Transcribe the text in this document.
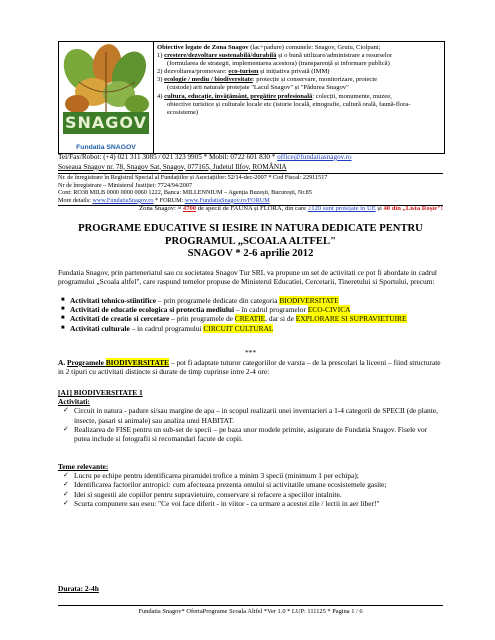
SNAGOV
Fundatia SNAGOV
Obiective legate de Zona Snagov (lac+padure) comunele: Snagov, Gruiu, Ciolpani;
1) crestere/dezvoltare sustenabilă/durabilă și o bună utilizare/administrare a resurselor
(formularea de strategii, implementarea acestora) (transparență și informare publică)
2) dezvoltarea/promovare: eco-turism și inițiativa privată (IMM)
3) ecologie / mediu / biodiversitate: protecție și conservare, monitorizare, proiecte
(custode) arii naturale protejate "Lacul Snagov" și "Pădurea Snagov"
4) cultura, educație, învățământ, pregătire profesională: colecții, monumente, muzee,
obiective turistice și culturale locale etc (istorie locală, etnografie, cultură orală, faună-flora- ecosisteme)
Tel/Fax/Robot: (+4) 021 311 3085 / 021 323 9905 * Mobil: 0722 601 830 * office@fundatiasnagov.ro
Soseaua Snagov nr. 78, Snagov Sat, Snagov, 077165, Judetul Ilfov, ROMÂNIA
Nr. de înregistrare în Registrul Special al Fundațiilor și Asociațiilor: 52/14-dec-2007 * Cod Fiscal: 22911517
Nr de înregistrare – Ministerul Justiției: 7724/94/2007
Cont: RO38 MILB 0000 0000 0060 1222, Banca: MILLENNIUM – Agenția Buzești, București, Nr.85
More details: www.FundatiaSnagov.ro * FORUM: www.FundatiaSnagov.ro/FORUM
Zona Snagov: ≈ 4700 de specii de FAUNA și FLORA, din care ≥120 sunt protejate in UE și 40 din „Lista Roșie"!
PROGRAME EDUCATIVE SI IESIRE IN NATURA DEDICATE PENTRU
PROGRAMUL „SCOALA ALTFEL"
SNAGOV * 2-6 aprilie 2012
Fundatia Snagov, prin parteneriatul sau cu societatea Snagov Tur SRL va propune un set de activitati ce pot fi abordate in cadrul programului „Scoala altfel", care raspund temelor propuse de Ministerul Educatiei, Cercetarii, Tineretului si Sportului, precum:
■ Activitati tehnico-stiintifice – prin programele dedicate din categoria BIODIVERSITATE
■ Activitati de educatie ecologica si protectia mediului – în cadrul programelor ECO-CIVICA
■ Activitati de creatie si cercetare – prin programele de CREATIE, dar si de EXPLORARE SI SUPRAVIETUIRE
■ Activitati culturale – in cadrul programului CIRCUIT CULTURAL
***
A. Programele BIODIVERSITATE – pot fi adaptate tuturor categoriilor de varsta – de la prescolari la liceeni – fiind structurate in 2 tipuri cu activitati distincte si durate de timp cuprinse intre 2-4 ore:
[A1] BIODIVERSITATE 1
Activitati:
✓ Circuit in natura - padure si/sau margine de apa – in scopul realizarii unei inventarieri a 1-4 categorii de SPECII (de plante, insecte, pasari si animale) sau analiza unui HABITAT.
✓ Realizarea de FISE pentru un sub-set de specii – pe baza unor modele primite, asigurate de Fundatia Snagov. Fisele vor putea include si fotografii si recomandari facute de copii.
Teme relevante:
✓ Lucru pe echipe pentru identificarea piramidei trofice a minim 3 specii (minimum 1 per echipa);
✓ Identificarea factorilor antropici: cum afecteaza prezenta omului si activitatile umane ecosistemele gasite;
✓ Idei si sugestii ale copiilor pentru supravietuire, conservare si refacere a speciilor intalnite.
✓ Scurta compunere sau eseu: "Ce voi face diferit - in viitor - ca urmare a acestei zile / lectii in aer liber!"
Durata: 2-4h
Fundatia Snagov* OfertaPrograme Scoala Altfel *Ver 1.0 * LUP: 111125 * Pagina 1 / 6
